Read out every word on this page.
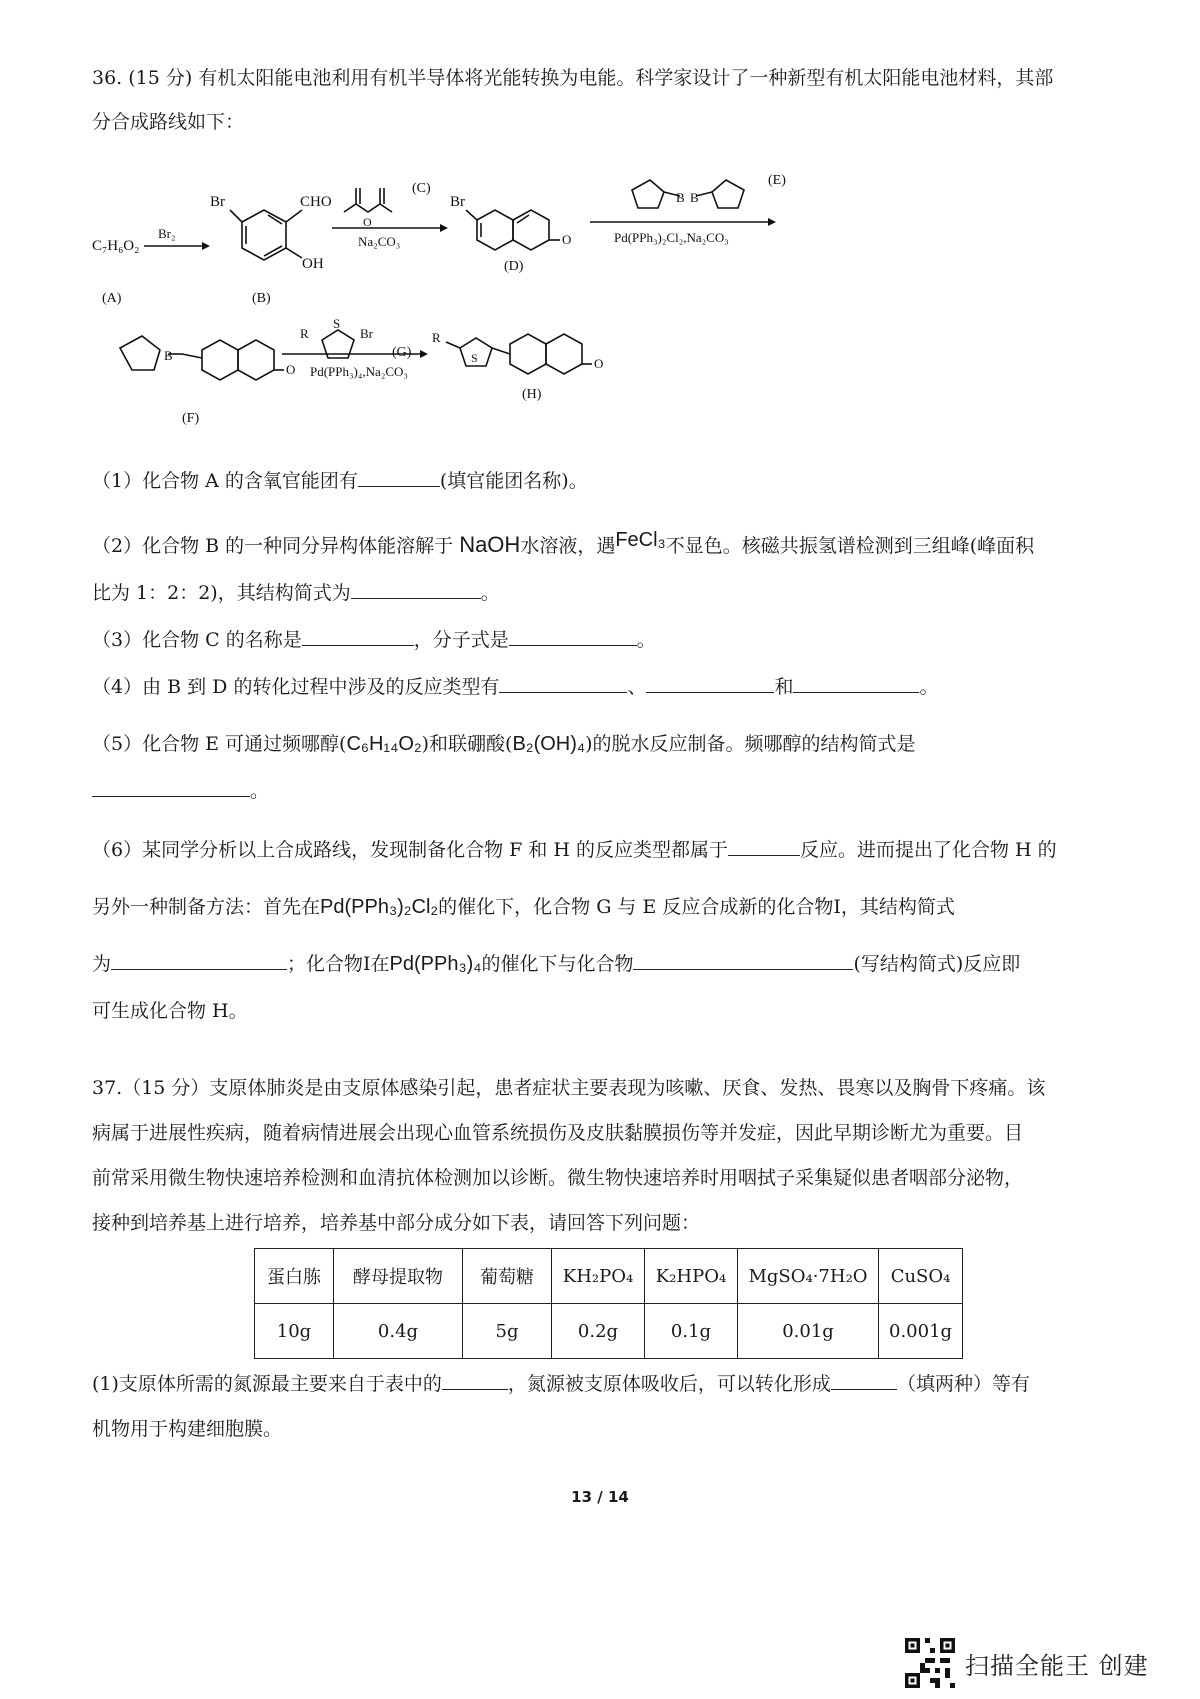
36. (15 分) 有机太阳能电池利用有机半导体将光能转换为电能。科学家设计了一种新型有机太阳能电池材料，其部
分合成路线如下：
C₇H₆O₂
(A)
Br₂
Br	CHO
OH
(B)
O
(C)
Na₂CO₃
Br
O
(D)
B B
(E)
Pd(PPh₃)₂Cl₂,Na₂CO₃
B
O
(F)
R
S
Br
(G)
Pd(PPh₃)₄,Na₂CO₃
R
S	O
(H)
（1）化合物 A 的含氧官能团有	(填官能团名称)。
（2）化合物 B 的一种同分异构体能溶解于 NaOH水溶液，遇FeCl₃不显色。核磁共振氢谱检测到三组峰(峰面积
比为 1：2：2)，其结构简式为	。
（3）化合物 C 的名称是	，分子式是	。
（4）由 B 到 D 的转化过程中涉及的反应类型有	、	和	。
（5）化合物 E 可通过频哪醇(C₆H₁₄O₂)和联硼酸(B₂(OH)₄)的脱水反应制备。频哪醇的结构简式是
。
（6）某同学分析以上合成路线，发现制备化合物 F 和 H 的反应类型都属于	反应。进而提出了化合物 H 的
另外一种制备方法：首先在Pd(PPh₃)₂Cl₂的催化下，化合物 G 与 E 反应合成新的化合物I，其结构简式
为	；化合物I在Pd(PPh₃)₄的催化下与化合物	(写结构简式)反应即
可生成化合物 H。
37.（15 分）支原体肺炎是由支原体感染引起，患者症状主要表现为咳嗽、厌食、发热、畏寒以及胸骨下疼痛。该
病属于进展性疾病，随着病情进展会出现心血管系统损伤及皮肤黏膜损伤等并发症，因此早期诊断尤为重要。目
前常采用微生物快速培养检测和血清抗体检测加以诊断。微生物快速培养时用咽拭子采集疑似患者咽部分泌物，
接种到培养基上进行培养，培养基中部分成分如下表，请回答下列问题：
蛋白胨	酵母提取物	葡萄糖	KH₂PO₄	K₂HPO₄	MgSO₄·7H₂O	CuSO₄
10g	0.4g	5g	0.2g	0.1g	0.01g	0.001g
(1)支原体所需的氮源最主要来自于表中的	，氮源被支原体吸收后，可以转化形成	（填两种）等有
机物用于构建细胞膜。
13 / 14
扫描全能王 创建
